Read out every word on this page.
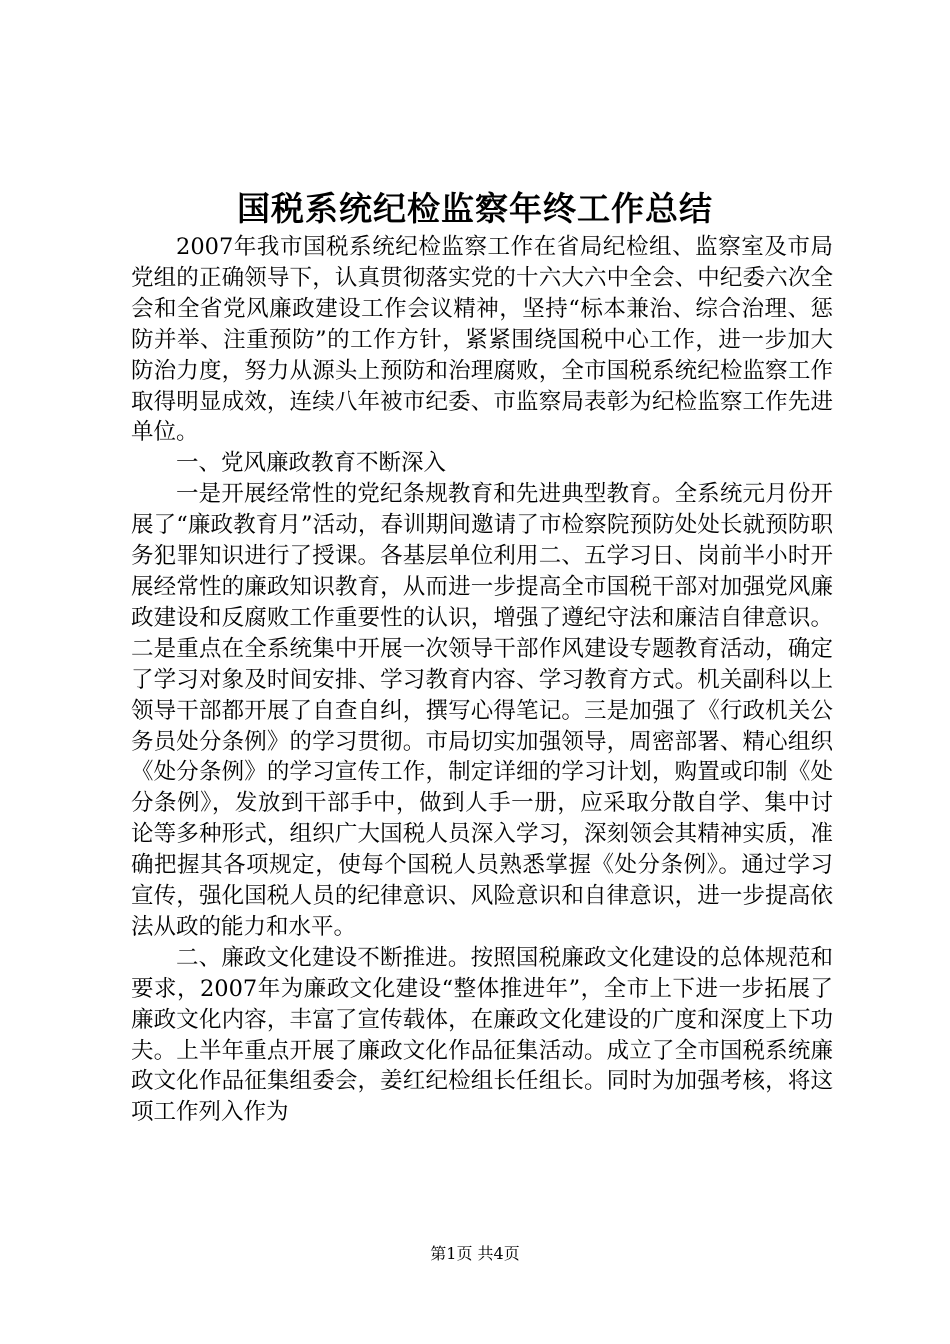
国税系统纪检监察年终工作总结

2007年我市国税系统纪检监察工作在省局纪检组、监察室及市局党组的正确领导下，认真贯彻落实党的十六大六中全会、中纪委六次全会和全省党风廉政建设工作会议精神，坚持“标本兼治、综合治理、惩防并举、注重预防”的工作方针，紧紧围绕国税中心工作，进一步加大防治力度，努力从源头上预防和治理腐败，全市国税系统纪检监察工作取得明显成效，连续八年被市纪委、市监察局表彰为纪检监察工作先进单位。

一、党风廉政教育不断深入

一是开展经常性的党纪条规教育和先进典型教育。全系统元月份开展了“廉政教育月”活动，春训期间邀请了市检察院预防处处长就预防职务犯罪知识进行了授课。各基层单位利用二、五学习日、岗前半小时开展经常性的廉政知识教育，从而进一步提高全市国税干部对加强党风廉政建设和反腐败工作重要性的认识，增强了遵纪守法和廉洁自律意识。二是重点在全系统集中开展一次领导干部作风建设专题教育活动，确定了学习对象及时间安排、学习教育内容、学习教育方式。机关副科以上领导干部都开展了自查自纠，撰写心得笔记。三是加强了《行政机关公务员处分条例》的学习贯彻。市局切实加强领导，周密部署、精心组织《处分条例》的学习宣传工作，制定详细的学习计划，购置或印制《处分条例》，发放到干部手中，做到人手一册，应采取分散自学、集中讨论等多种形式，组织广大国税人员深入学习，深刻领会其精神实质，准确把握其各项规定，使每个国税人员熟悉掌握《处分条例》。通过学习宣传，强化国税人员的纪律意识、风险意识和自律意识，进一步提高依法从政的能力和水平。

二、廉政文化建设不断推进。按照国税廉政文化建设的总体规范和要求，2007年为廉政文化建设“整体推进年”，全市上下进一步拓展了廉政文化内容，丰富了宣传载体，在廉政文化建设的广度和深度上下功夫。上半年重点开展了廉政文化作品征集活动。成立了全市国税系统廉政文化作品征集组委会，姜红纪检组长任组长。同时为加强考核，将这项工作列入作为

第1页 共4页
